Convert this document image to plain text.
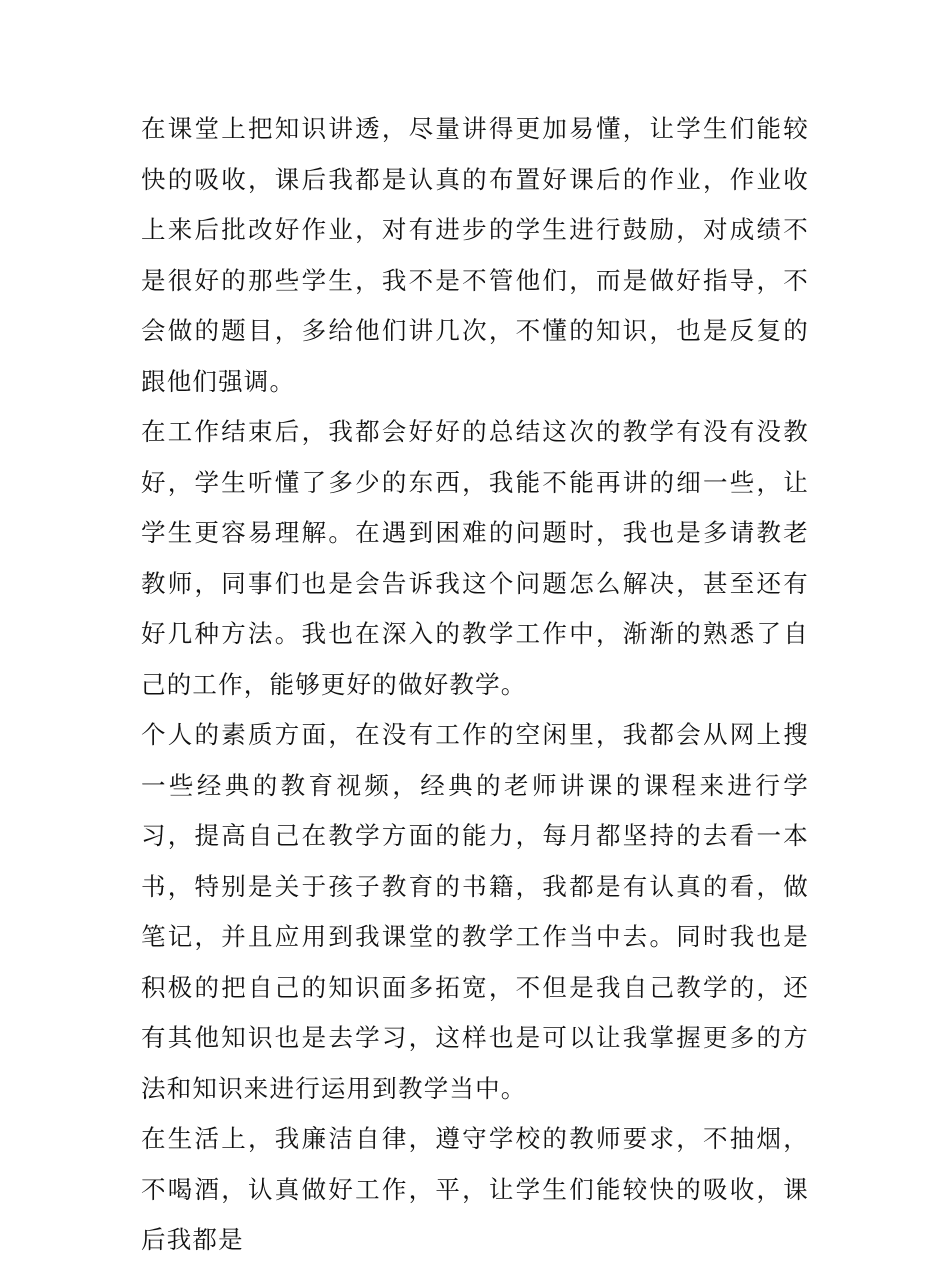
在课堂上把知识讲透，尽量讲得更加易懂，让学生们能较快的吸收，课后我都是认真的布置好课后的作业，作业收上来后批改好作业，对有进步的学生进行鼓励，对成绩不是很好的那些学生，我不是不管他们，而是做好指导，不会做的题目，多给他们讲几次，不懂的知识，也是反复的跟他们强调。

在工作结束后，我都会好好的总结这次的教学有没有没教好，学生听懂了多少的东西，我能不能再讲的细一些，让学生更容易理解。在遇到困难的问题时，我也是多请教老教师，同事们也是会告诉我这个问题怎么解决，甚至还有好几种方法。我也在深入的教学工作中，渐渐的熟悉了自己的工作，能够更好的做好教学。

个人的素质方面，在没有工作的空闲里，我都会从网上搜一些经典的教育视频，经典的老师讲课的课程来进行学习，提高自己在教学方面的能力，每月都坚持的去看一本书，特别是关于孩子教育的书籍，我都是有认真的看，做笔记，并且应用到我课堂的教学工作当中去。同时我也是积极的把自己的知识面多拓宽，不但是我自己教学的，还有其他知识也是去学习，这样也是可以让我掌握更多的方法和知识来进行运用到教学当中。

在生活上，我廉洁自律，遵守学校的教师要求，不抽烟，不喝酒，认真做好工作，平，让学生们能较快的吸收，课后我都是
